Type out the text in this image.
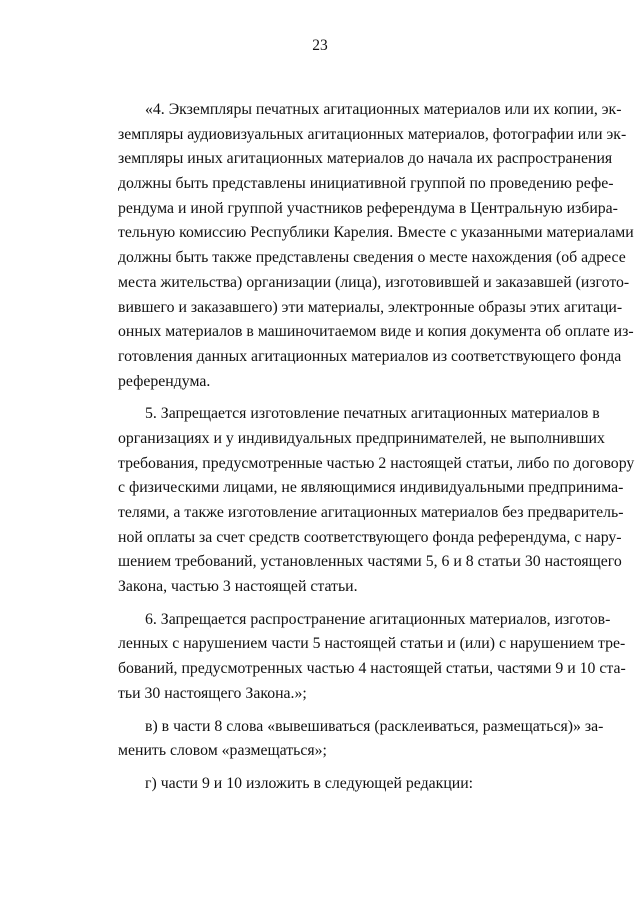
23
«4. Экземпляры печатных агитационных материалов или их копии, эк-
земпляры аудиовизуальных агитационных материалов, фотографии или эк-
земпляры иных агитационных материалов до начала их распространения
должны быть представлены инициативной группой по проведению рефе-
рендума и иной группой участников референдума в Центральную избира-
тельную комиссию Республики Карелия. Вместе с указанными материалами
должны быть также представлены сведения о месте нахождения (об адресе
места жительства) организации (лица), изготовившей и заказавшей (изгото-
вившего и заказавшего) эти материалы, электронные образы этих агитаци-
онных материалов в машиночитаемом виде и копия документа об оплате из-
готовления данных агитационных материалов из соответствующего фонда
референдума.
5. Запрещается изготовление печатных агитационных материалов в
организациях и у индивидуальных предпринимателей, не выполнивших
требования, предусмотренные частью 2 настоящей статьи, либо по договору
с физическими лицами, не являющимися индивидуальными предпринима-
телями, а также изготовление агитационных материалов без предваритель-
ной оплаты за счет средств соответствующего фонда референдума, с нару-
шением требований, установленных частями 5, 6 и 8 статьи 30 настоящего
Закона, частью 3 настоящей статьи.
6. Запрещается распространение агитационных материалов, изготов-
ленных с нарушением части 5 настоящей статьи и (или) с нарушением тре-
бований, предусмотренных частью 4 настоящей статьи, частями 9 и 10 ста-
тьи 30 настоящего Закона.»;
в) в части 8 слова «вывешиваться (расклеиваться, размещаться)» за-
менить словом «размещаться»;
г) части 9 и 10 изложить в следующей редакции:
